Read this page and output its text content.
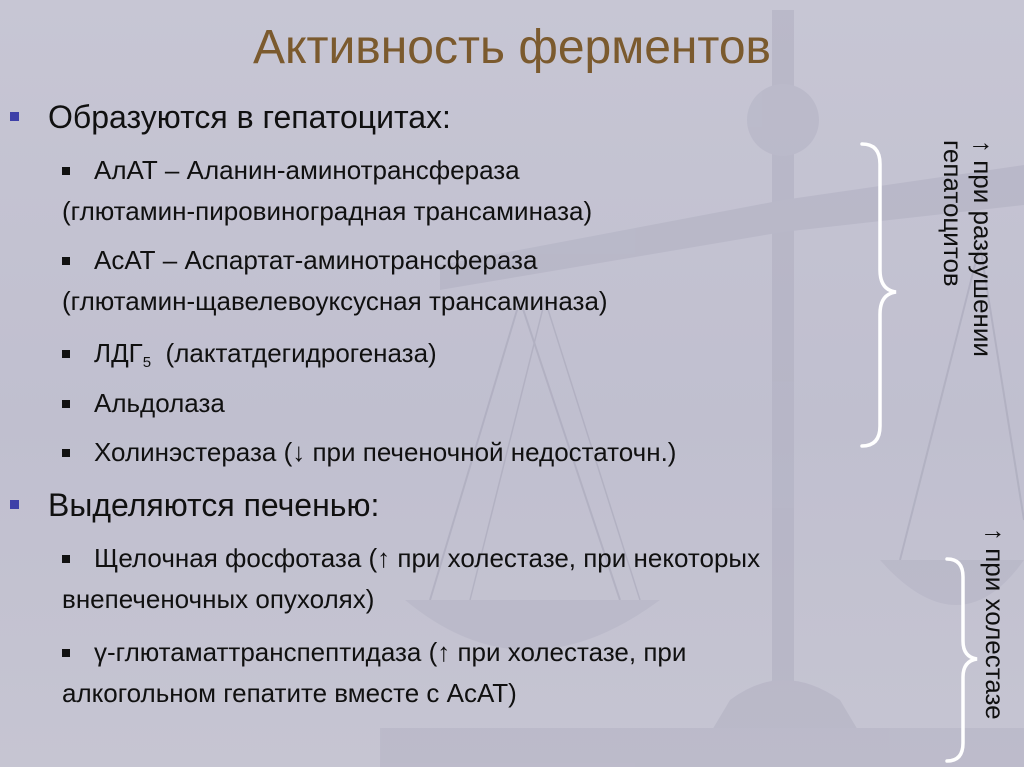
Активность ферментов
Образуются в гепатоцитах:
АлАТ – Аланин-аминотрансфераза
(глютамин-пировиноградная трансаминаза)
АсАТ – Аспартат-аминотрансфераза
(глютамин-щавелевоуксусная трансаминаза)
$ЛДГ_5$  (лактатдегидрогеназа)
Альдолаза
Холинэстераза (↓ при печеночной недостаточн.)
Выделяются печенью:
Щелочная фосфотаза (↑ при холестазе, при некоторых
внепеченочных опухолях)
γ-глютаматтранспептидаза (↑ при холестазе, при
алкогольном гепатите вместе с АсАТ)
↑ при разрушении
гепатоцитов
↑ при холестазе
